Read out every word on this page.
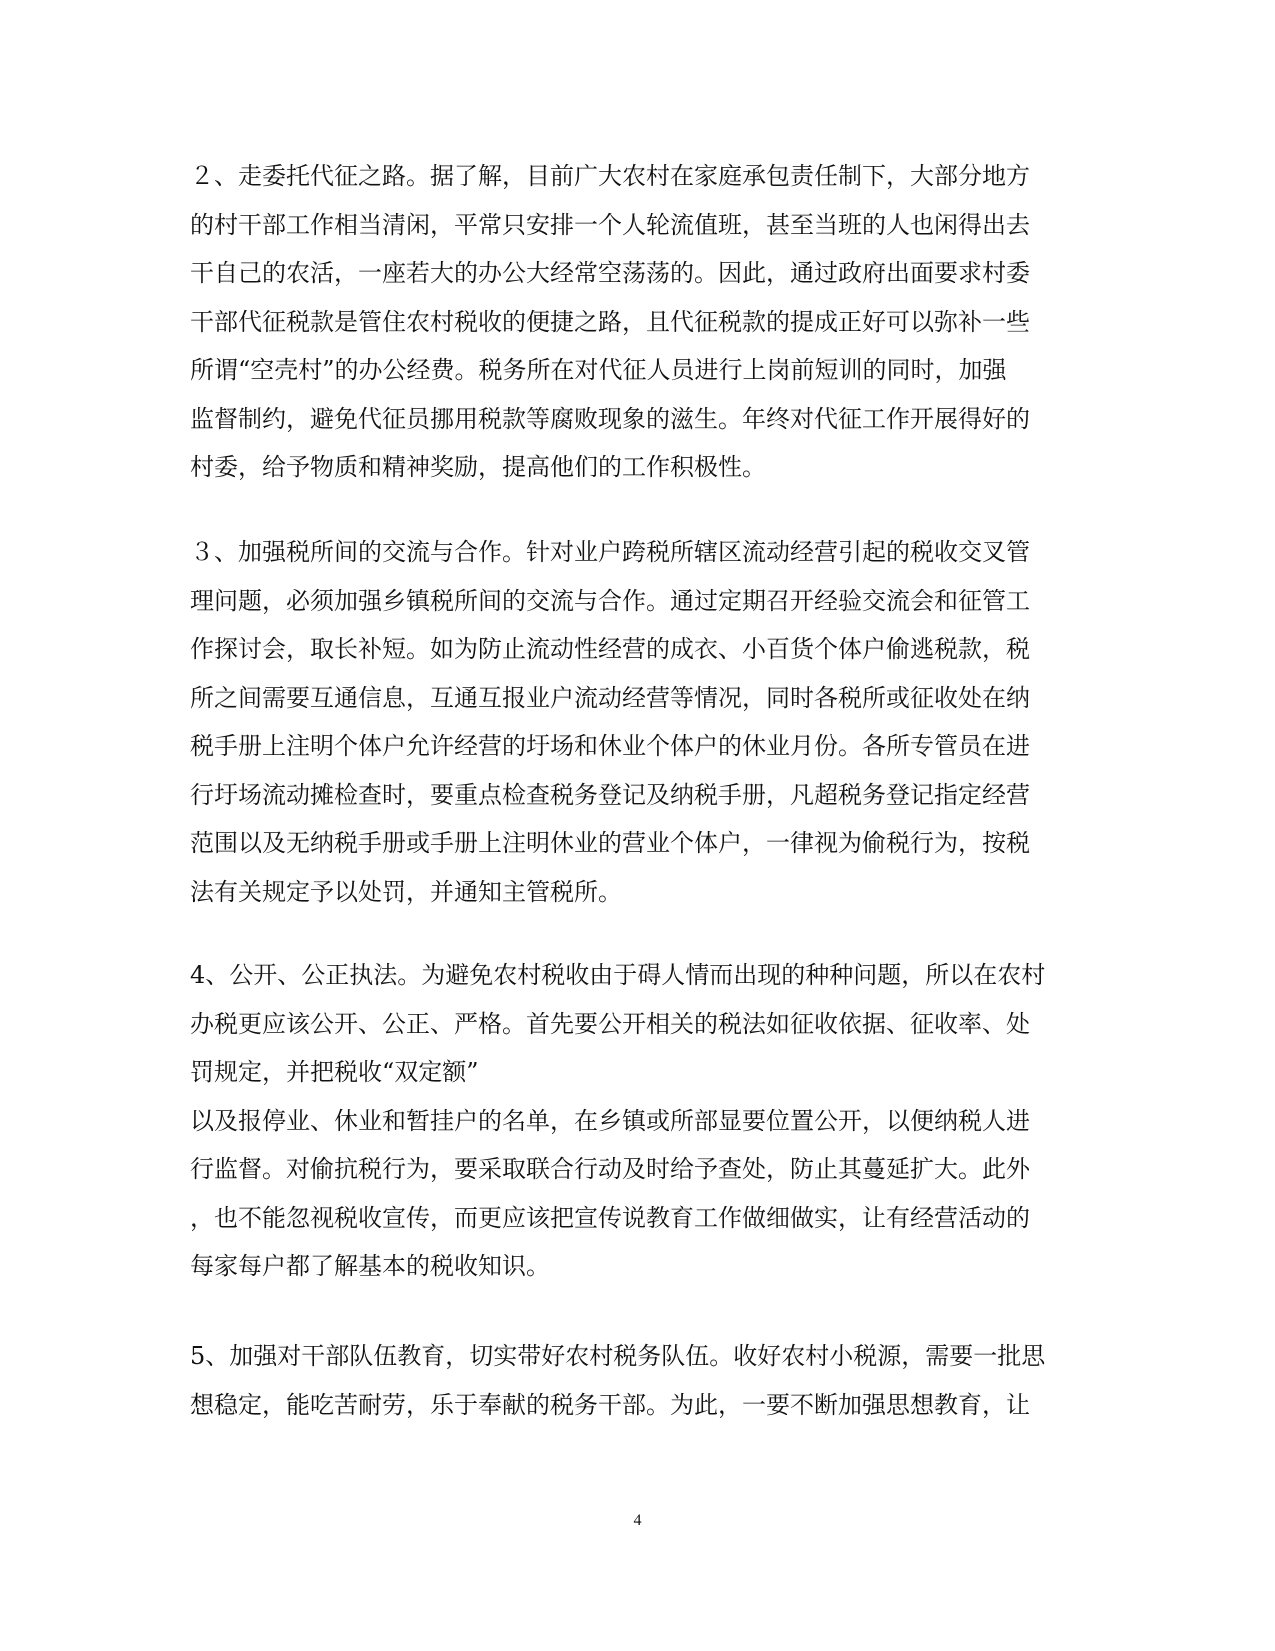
２、走委托代征之路。据了解，目前广大农村在家庭承包责任制下，大部分地方
的村干部工作相当清闲，平常只安排一个人轮流值班，甚至当班的人也闲得出去
干自己的农活，一座若大的办公大经常空荡荡的。因此，通过政府出面要求村委
干部代征税款是管住农村税收的便捷之路，且代征税款的提成正好可以弥补一些
所谓“空壳村”的办公经费。税务所在对代征人员进行上岗前短训的同时，加强
监督制约，避免代征员挪用税款等腐败现象的滋生。年终对代征工作开展得好的
村委，给予物质和精神奖励，提高他们的工作积极性。
３、加强税所间的交流与合作。针对业户跨税所辖区流动经营引起的税收交叉管
理问题，必须加强乡镇税所间的交流与合作。通过定期召开经验交流会和征管工
作探讨会，取长补短。如为防止流动性经营的成衣、小百货个体户偷逃税款，税
所之间需要互通信息，互通互报业户流动经营等情况，同时各税所或征收处在纳
税手册上注明个体户允许经营的圩场和休业个体户的休业月份。各所专管员在进
行圩场流动摊检查时，要重点检查税务登记及纳税手册，凡超税务登记指定经营
范围以及无纳税手册或手册上注明休业的营业个体户，一律视为偷税行为，按税
法有关规定予以处罚，并通知主管税所。
4、公开、公正执法。为避免农村税收由于碍人情而出现的种种问题，所以在农村
办税更应该公开、公正、严格。首先要公开相关的税法如征收依据、征收率、处
罚规定，并把税收“双定额”
以及报停业、休业和暂挂户的名单，在乡镇或所部显要位置公开，以便纳税人进
行监督。对偷抗税行为，要采取联合行动及时给予查处，防止其蔓延扩大。此外
，也不能忽视税收宣传，而更应该把宣传说教育工作做细做实，让有经营活动的
每家每户都了解基本的税收知识。
5、加强对干部队伍教育，切实带好农村税务队伍。收好农村小税源，需要一批思
想稳定，能吃苦耐劳，乐于奉献的税务干部。为此，一要不断加强思想教育，让
4
